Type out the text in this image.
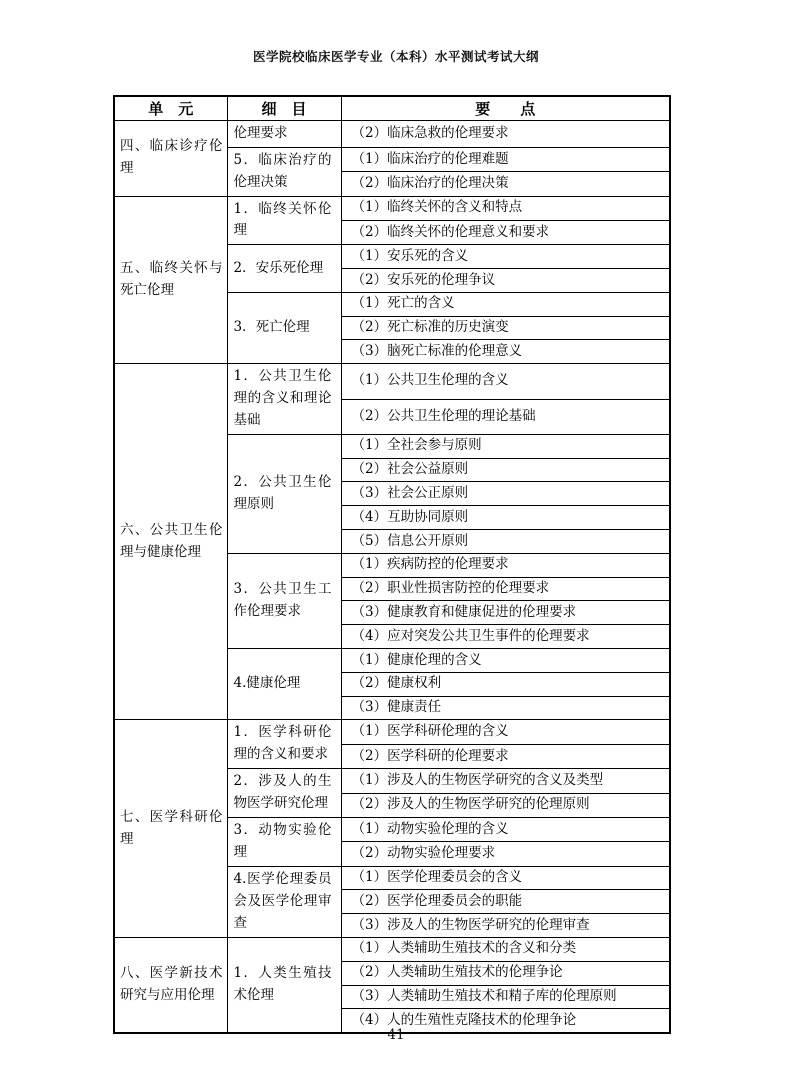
医学院校临床医学专业（本科）水平测试考试大纲
单　元	细　目	要　　点
四、临床诊疗伦理	伦理要求	（2）临床急救的伦理要求
	5．临床治疗的伦理决策	（1）临床治疗的伦理难题
		（2）临床治疗的伦理决策
五、临终关怀与死亡伦理	1．临终关怀伦理	（1）临终关怀的含义和特点
		（2）临终关怀的伦理意义和要求
	2．安乐死伦理	（1）安乐死的含义
		（2）安乐死的伦理争议
	3．死亡伦理	（1）死亡的含义
		（2）死亡标准的历史演变
		（3）脑死亡标准的伦理意义
六、公共卫生伦理与健康伦理	1．公共卫生伦理的含义和理论基础	（1）公共卫生伦理的含义
		（2）公共卫生伦理的理论基础
	2．公共卫生伦理原则	（1）全社会参与原则
		（2）社会公益原则
		（3）社会公正原则
		（4）互助协同原则
		（5）信息公开原则
	3．公共卫生工作伦理要求	（1）疾病防控的伦理要求
		（2）职业性损害防控的伦理要求
		（3）健康教育和健康促进的伦理要求
		（4）应对突发公共卫生事件的伦理要求
	4.健康伦理	（1）健康伦理的含义
		（2）健康权利
		（3）健康责任
七、医学科研伦理	1．医学科研伦理的含义和要求	（1）医学科研伦理的含义
		（2）医学科研的伦理要求
	2．涉及人的生物医学研究伦理	（1）涉及人的生物医学研究的含义及类型
		（2）涉及人的生物医学研究的伦理原则
	3．动物实验伦理	（1）动物实验伦理的含义
		（2）动物实验伦理要求
	4.医学伦理委员会及医学伦理审查	（1）医学伦理委员会的含义
		（2）医学伦理委员会的职能
		（3）涉及人的生物医学研究的伦理审查
八、医学新技术研究与应用伦理	1．人类生殖技术伦理	（1）人类辅助生殖技术的含义和分类
		（2）人类辅助生殖技术的伦理争论
		（3）人类辅助生殖技术和精子库的伦理原则
		（4）人的生殖性克隆技术的伦理争论
41
